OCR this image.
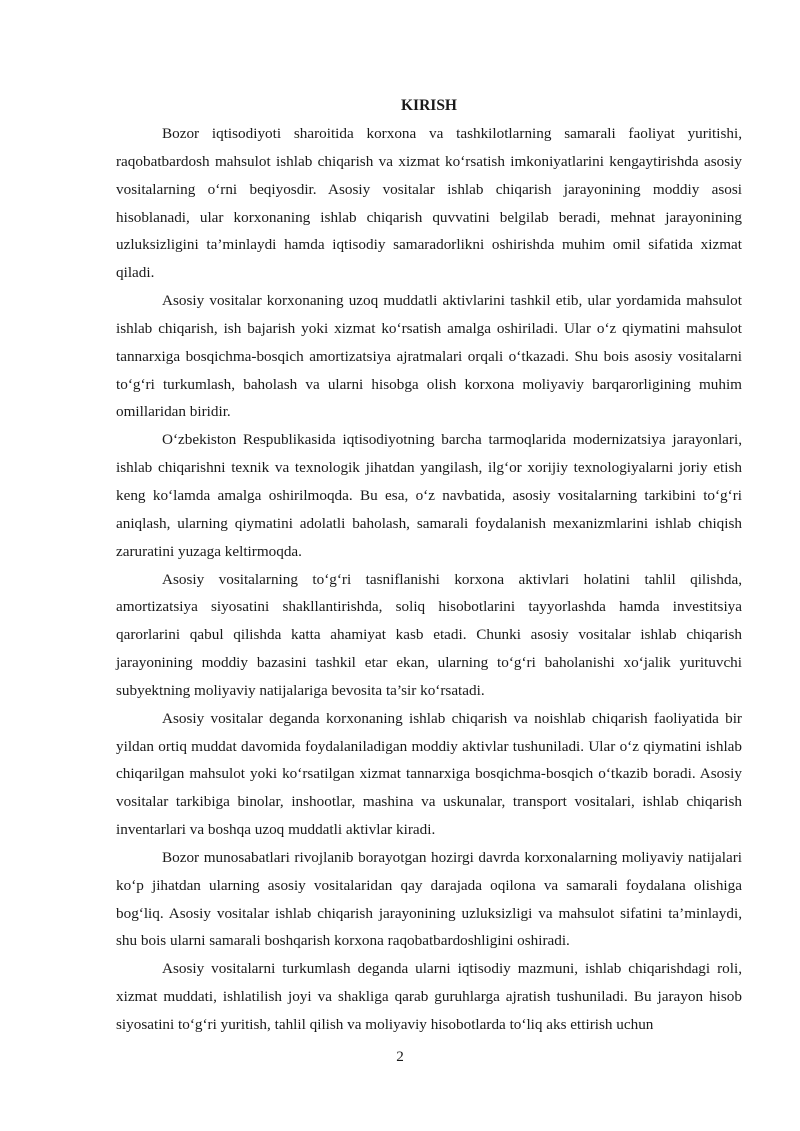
KIRISH

Bozor iqtisodiyoti sharoitida korxona va tashkilotlarning samarali faoliyat yuritishi, raqobatbardosh mahsulot ishlab chiqarish va xizmat ko‘rsatish imkoniyatlarini kengaytirishda asosiy vositalarning o‘rni beqiyosdir. Asosiy vositalar ishlab chiqarish jarayonining moddiy asosi hisoblanadi, ular korxonaning ishlab chiqarish quvvatini belgilab beradi, mehnat jarayonining uzluksizligini ta’minlaydi hamda iqtisodiy samaradorlikni oshirishda muhim omil sifatida xizmat qiladi.

Asosiy vositalar korxonaning uzoq muddatli aktivlarini tashkil etib, ular yordamida mahsulot ishlab chiqarish, ish bajarish yoki xizmat ko‘rsatish amalga oshiriladi. Ular o‘z qiymatini mahsulot tannarxiga bosqichma-bosqich amortizatsiya ajratmalari orqali o‘tkazadi. Shu bois asosiy vositalarni to‘g‘ri turkumlash, baholash va ularni hisobga olish korxona moliyaviy barqarorligining muhim omillaridan biridir.

O‘zbekiston Respublikasida iqtisodiyotning barcha tarmoqlarida modernizatsiya jarayonlari, ishlab chiqarishni texnik va texnologik jihatdan yangilash, ilg‘or xorijiy texnologiyalarni joriy etish keng ko‘lamda amalga oshirilmoqda. Bu esa, o‘z navbatida, asosiy vositalarning tarkibini to‘g‘ri aniqlash, ularning qiymatini adolatli baholash, samarali foydalanish mexanizmlarini ishlab chiqish zaruratini yuzaga keltirmoqda.

Asosiy vositalarning to‘g‘ri tasniflanishi korxona aktivlari holatini tahlil qilishda, amortizatsiya siyosatini shakllantirishda, soliq hisobotlarini tayyorlashda hamda investitsiya qarorlarini qabul qilishda katta ahamiyat kasb etadi. Chunki asosiy vositalar ishlab chiqarish jarayonining moddiy bazasini tashkil etar ekan, ularning to‘g‘ri baholanishi xo‘jalik yurituvchi subyektning moliyaviy natijalariga bevosita ta’sir ko‘rsatadi.

Asosiy vositalar deganda korxonaning ishlab chiqarish va noishlab chiqarish faoliyatida bir yildan ortiq muddat davomida foydalaniladigan moddiy aktivlar tushuniladi. Ular o‘z qiymatini ishlab chiqarilgan mahsulot yoki ko‘rsatilgan xizmat tannarxiga bosqichma-bosqich o‘tkazib boradi. Asosiy vositalar tarkibiga binolar, inshootlar, mashina va uskunalar, transport vositalari, ishlab chiqarish inventarlari va boshqa uzoq muddatli aktivlar kiradi.

Bozor munosabatlari rivojlanib borayotgan hozirgi davrda korxonalarning moliyaviy natijalari ko‘p jihatdan ularning asosiy vositalaridan qay darajada oqilona va samarali foydalana olishiga bog‘liq. Asosiy vositalar ishlab chiqarish jarayonining uzluksizligi va mahsulot sifatini ta’minlaydi, shu bois ularni samarali boshqarish korxona raqobatbardoshligini oshiradi.

Asosiy vositalarni turkumlash deganda ularni iqtisodiy mazmuni, ishlab chiqarishdagi roli, xizmat muddati, ishlatilish joyi va shakliga qarab guruhlarga ajratish tushuniladi. Bu jarayon hisob siyosatini to‘g‘ri yuritish, tahlil qilish va moliyaviy hisobotlarda to‘liq aks ettirish uchun

2
